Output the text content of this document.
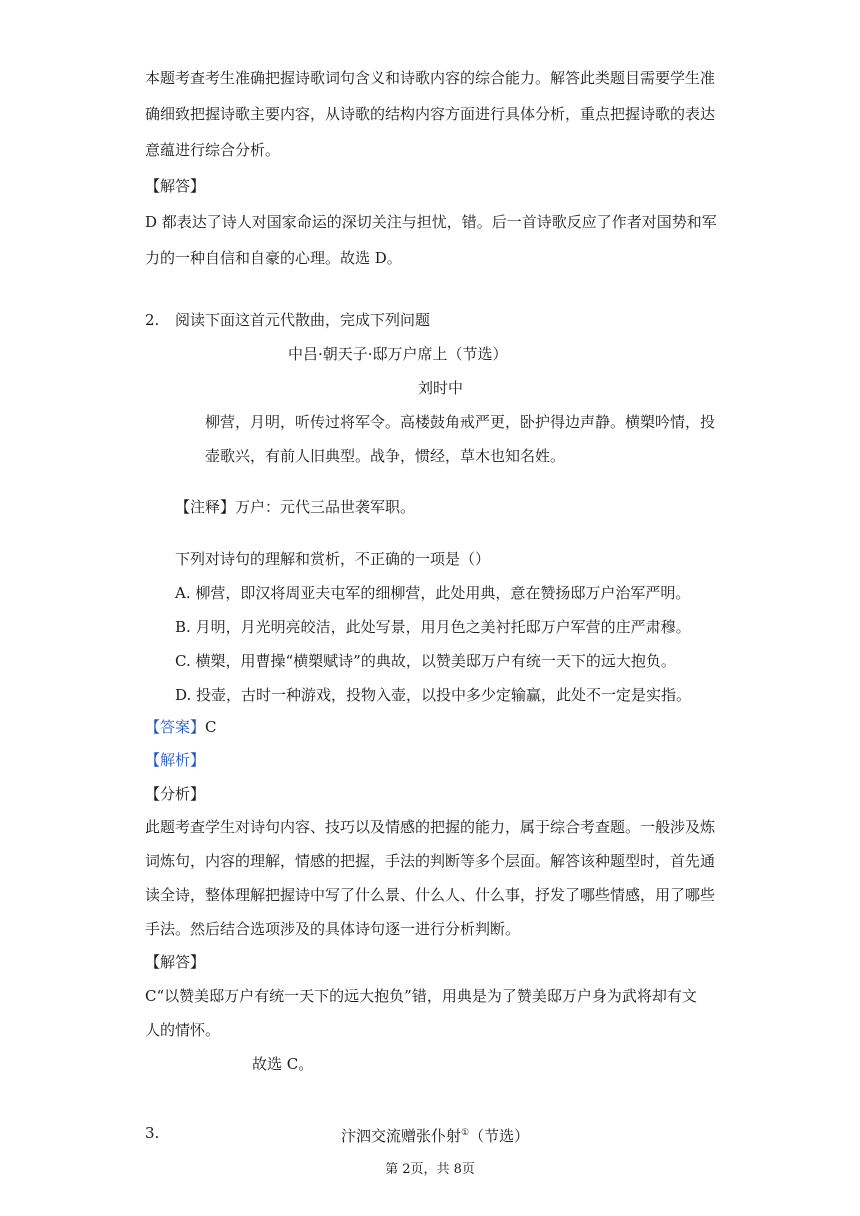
本题考查考生准确把握诗歌词句含义和诗歌内容的综合能力。解答此类题目需要学生准
确细致把握诗歌主要内容，从诗歌的结构内容方面进行具体分析，重点把握诗歌的表达
意蕴进行综合分析。
【解答】
D 都表达了诗人对国家命运的深切关注与担忧，错。后一首诗歌反应了作者对国势和军
力的一种自信和自豪的心理。故选 D。
2. 阅读下面这首元代散曲，完成下列问题
中吕·朝天子·邸万户席上（节选）
刘时中
柳营，月明，听传过将军令。高楼鼓角戒严更，卧护得边声静。横槊吟情，投
壶歌兴，有前人旧典型。战争，惯经，草木也知名姓。
【注释】万户：元代三品世袭军职。
下列对诗句的理解和赏析，不正确的一项是（）
A. 柳营，即汉将周亚夫屯军的细柳营，此处用典，意在赞扬邸万户治军严明。
B. 月明，月光明亮皎洁，此处写景，用月色之美衬托邸万户军营的庄严肃穆。
C. 横槊，用曹操“横槊赋诗”的典故，以赞美邸万户有统一天下的远大抱负。
D. 投壶，古时一种游戏，投物入壶，以投中多少定输赢，此处不一定是实指。
【答案】C
【解析】
【分析】
此题考查学生对诗句内容、技巧以及情感的把握的能力，属于综合考查题。一般涉及炼
词炼句，内容的理解，情感的把握，手法的判断等多个层面。解答该种题型时，首先通
读全诗，整体理解把握诗中写了什么景、什么人、什么事，抒发了哪些情感，用了哪些
手法。然后结合选项涉及的具体诗句逐一进行分析判断。
【解答】
C“以赞美邸万户有统一天下的远大抱负”错，用典是为了赞美邸万户身为武将却有文
人的情怀。
故选 C。
3.	汴泗交流赠张仆射①（节选）
第 2页，共 8页
